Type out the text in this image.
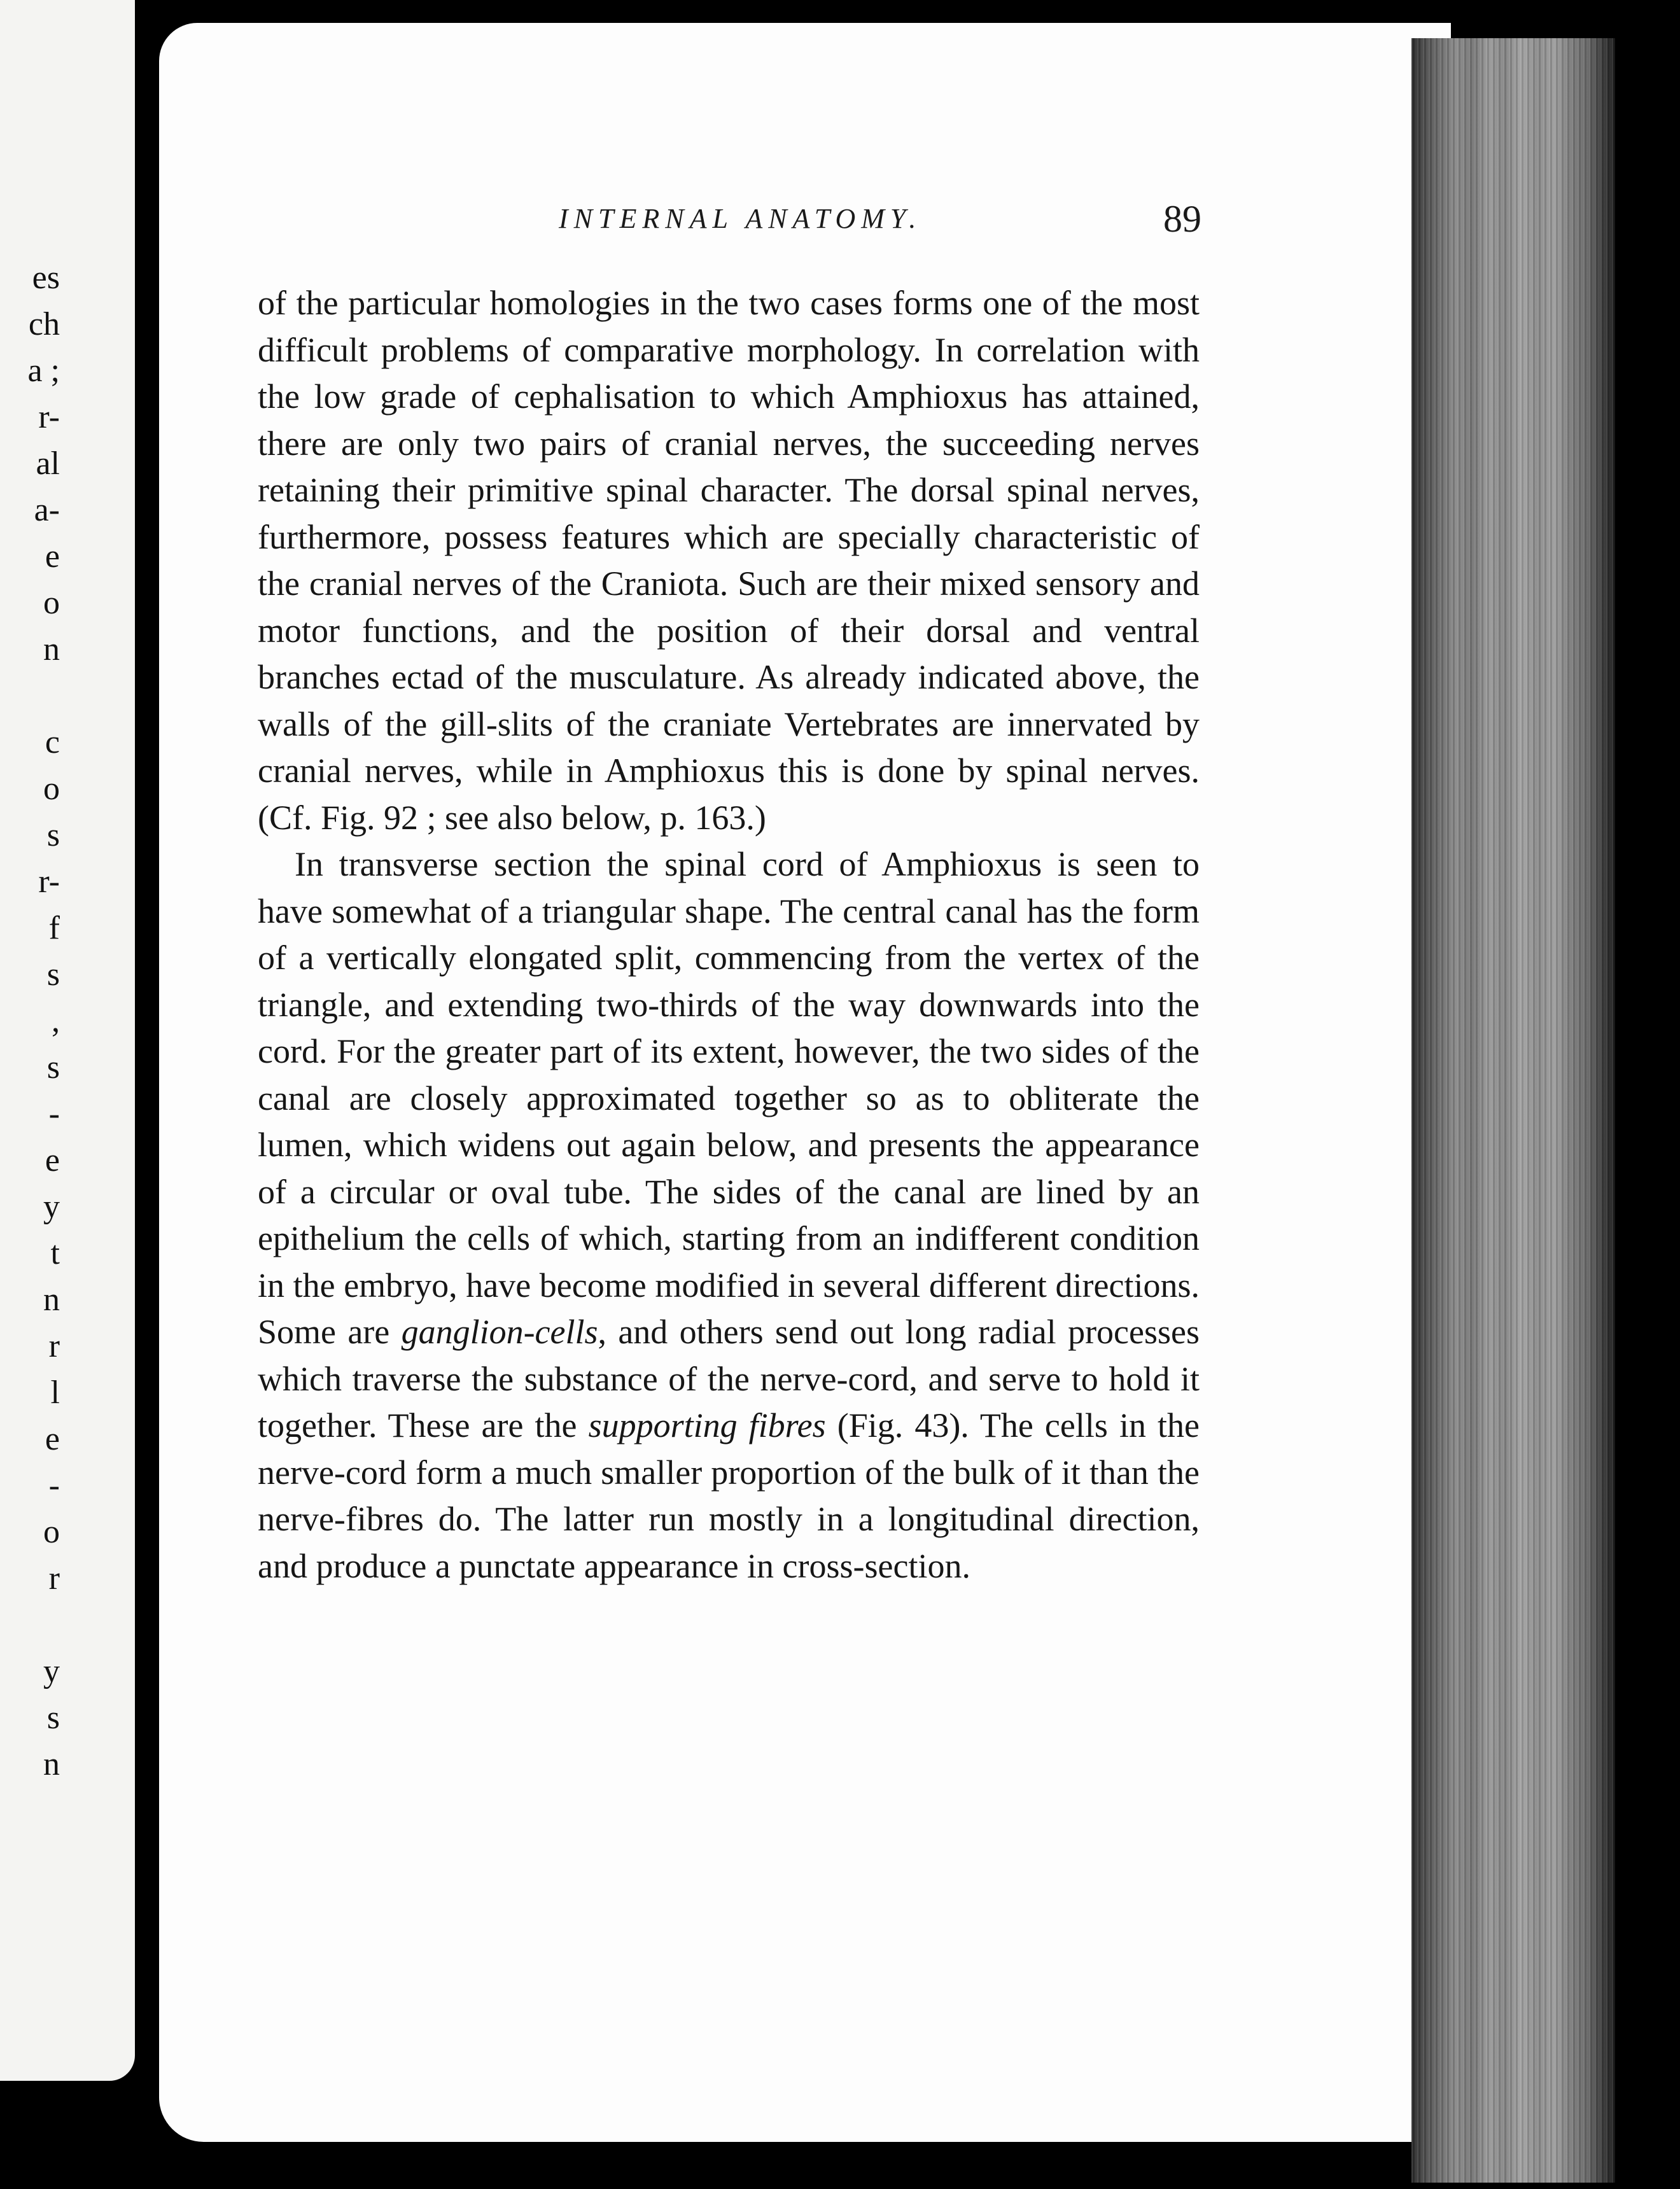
es
ch
a ;
r-
al
a-
e
o
n
c
o
s
r-
f
s
,
s
-
e
y
t
n
r
l
e
-
o
r
y
s
n
INTERNAL ANATOMY.	89

of the particular homologies in the two cases forms one of the most difficult problems of comparative morphology. In correlation with the low grade of cephalisation to which Amphioxus has attained, there are only two pairs of cranial nerves, the succeeding nerves retaining their primitive spinal character. The dorsal spinal nerves, furthermore, possess features which are specially characteristic of the cranial nerves of the Craniota. Such are their mixed sensory and motor functions, and the position of their dorsal and ventral branches ectad of the musculature. As already indicated above, the walls of the gill-slits of the craniate Vertebrates are innervated by cranial nerves, while in Amphioxus this is done by spinal nerves. (Cf. Fig. 92 ; see also below, p. 163.)

In transverse section the spinal cord of Amphioxus is seen to have somewhat of a triangular shape. The central canal has the form of a vertically elongated split, commencing from the vertex of the triangle, and extending two-thirds of the way downwards into the cord. For the greater part of its extent, however, the two sides of the canal are closely approximated together so as to obliterate the lumen, which widens out again below, and presents the appearance of a circular or oval tube. The sides of the canal are lined by an epithelium the cells of which, starting from an indifferent condition in the embryo, have become modified in several different directions. Some are ganglion-cells, and others send out long radial processes which traverse the substance of the nerve-cord, and serve to hold it together. These are the supporting fibres (Fig. 43). The cells in the nerve-cord form a much smaller proportion of the bulk of it than the nerve-fibres do. The latter run mostly in a longitudinal direction, and produce a punctate appearance in cross-section.
